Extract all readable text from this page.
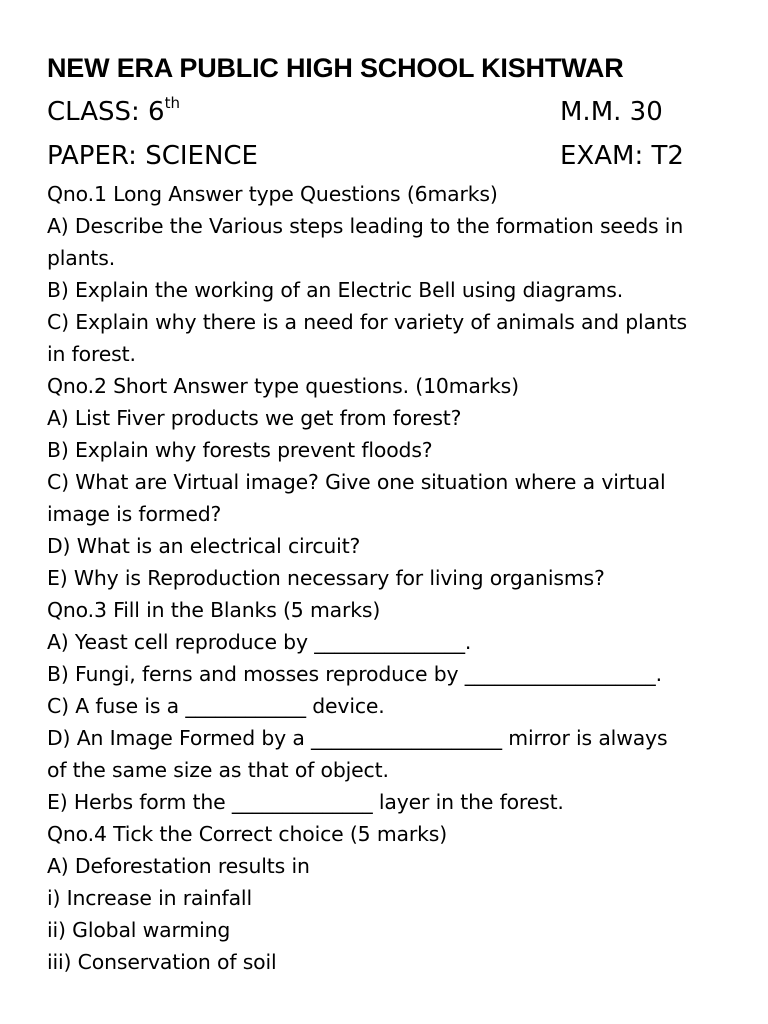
NEW ERA PUBLIC HIGH SCHOOL KISHTWAR
CLASS: 6th	M.M. 30
PAPER: SCIENCE	EXAM: T2
Qno.1 Long Answer type Questions (6marks)
A) Describe the Various steps leading to the formation seeds in
plants.
B) Explain the working of an Electric Bell using diagrams.
C) Explain why there is a need for variety of animals and plants
in forest.
Qno.2 Short Answer type questions. (10marks)
A) List Fiver products we get from forest?
B) Explain why forests prevent floods?
C) What are Virtual image? Give one situation where a virtual
image is formed?
D) What is an electrical circuit?
E) Why is Reproduction necessary for living organisms?
Qno.3 Fill in the Blanks (5 marks)
A) Yeast cell reproduce by _______________.
B) Fungi, ferns and mosses reproduce by ___________________.
C) A fuse is a ____________ device.
D) An Image Formed by a ___________________ mirror is always
of the same size as that of object.
E) Herbs form the ______________ layer in the forest.
Qno.4 Tick the Correct choice (5 marks)
A) Deforestation results in
i) Increase in rainfall
ii) Global warming
iii) Conservation of soil
